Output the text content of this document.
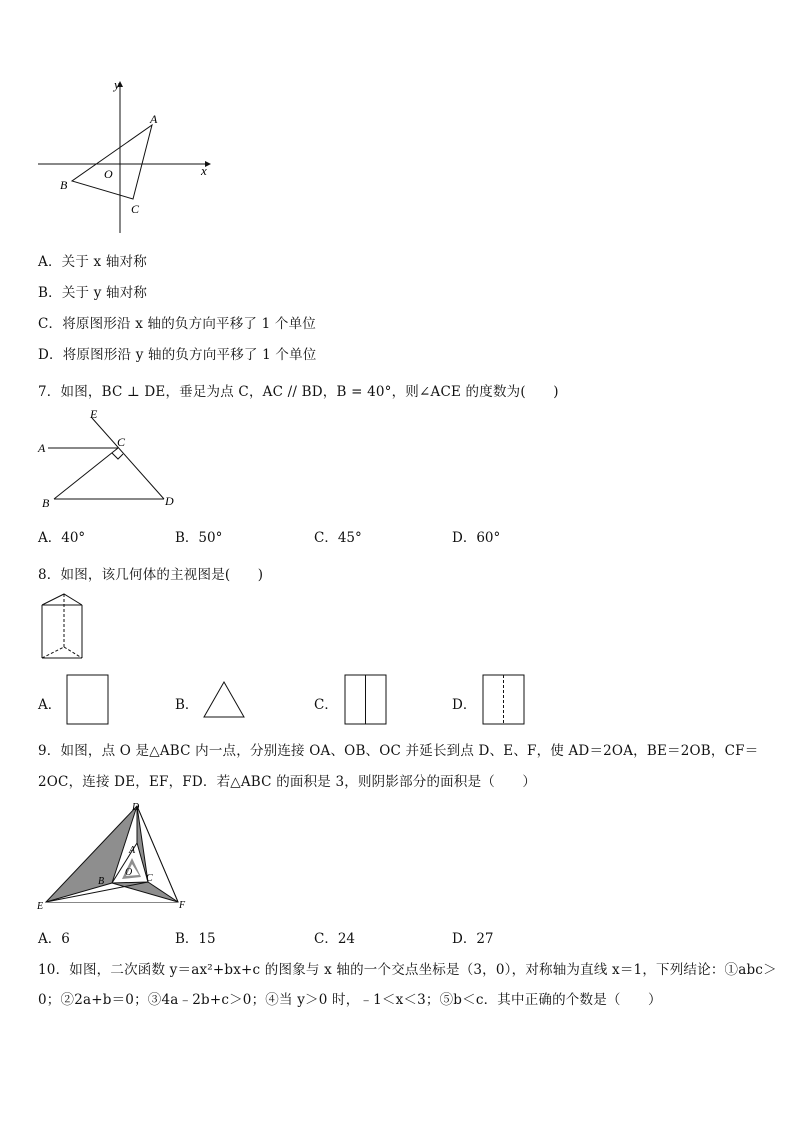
y
x
A
B
C
O
A．关于 x 轴对称
B．关于 y 轴对称
C．将原图形沿 x 轴的负方向平移了 1 个单位
D．将原图形沿 y 轴的负方向平移了 1 个单位
7．如图，BC ⊥ DE，垂足为点 C，AC // BD，B = 40°，则∠ACE 的度数为(　　)
E
A	C
B	D
A．40°	B．50°	C．45°	D．60°
8．如图，该几何体的主视图是(　　)
A．	B．	C．	D．
9．如图，点 O 是△ABC 内一点，分别连接 OA、OB、OC 并延长到点 D、E、F，使 AD＝2OA，BE＝2OB，CF＝
2OC，连接 DE，EF，FD．若△ABC 的面积是 3，则阴影部分的面积是（　　）
D
E	F
A
B	C
O
A．6	B．15	C．24	D．27
10．如图，二次函数 y＝ax²+bx+c 的图象与 x 轴的一个交点坐标是（3，0），对称轴为直线 x＝1，下列结论：①abc＞
0；②2a+b＝0；③4a﹣2b+c＞0；④当 y＞0 时，﹣1＜x＜3；⑤b＜c．其中正确的个数是（　　）
